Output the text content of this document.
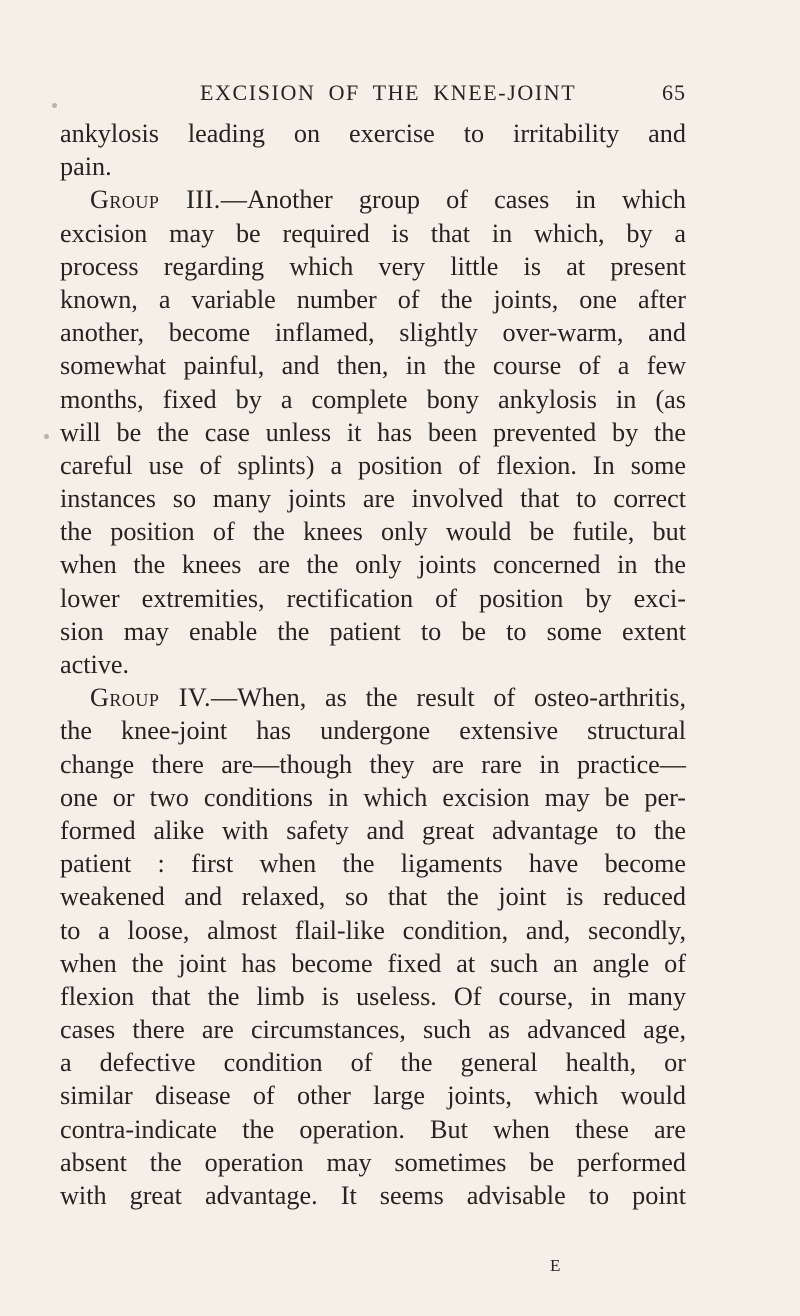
EXCISION OF THE KNEE-JOINT	65
ankylosis leading on exercise to irritability and
pain.
Group III.—Another group of cases in which
excision may be required is that in which, by a
process regarding which very little is at present
known, a variable number of the joints, one after
another, become inflamed, slightly over-warm, and
somewhat painful, and then, in the course of a few
months, fixed by a complete bony ankylosis in (as
will be the case unless it has been prevented by the
careful use of splints) a position of flexion. In some
instances so many joints are involved that to correct
the position of the knees only would be futile, but
when the knees are the only joints concerned in the
lower extremities, rectification of position by exci-
sion may enable the patient to be to some extent
active.
Group IV.—When, as the result of osteo-arthritis,
the knee-joint has undergone extensive structural
change there are—though they are rare in practice—
one or two conditions in which excision may be per-
formed alike with safety and great advantage to the
patient : first when the ligaments have become
weakened and relaxed, so that the joint is reduced
to a loose, almost flail-like condition, and, secondly,
when the joint has become fixed at such an angle of
flexion that the limb is useless. Of course, in many
cases there are circumstances, such as advanced age,
a defective condition of the general health, or
similar disease of other large joints, which would
contra-indicate the operation. But when these are
absent the operation may sometimes be performed
with great advantage. It seems advisable to point
E
